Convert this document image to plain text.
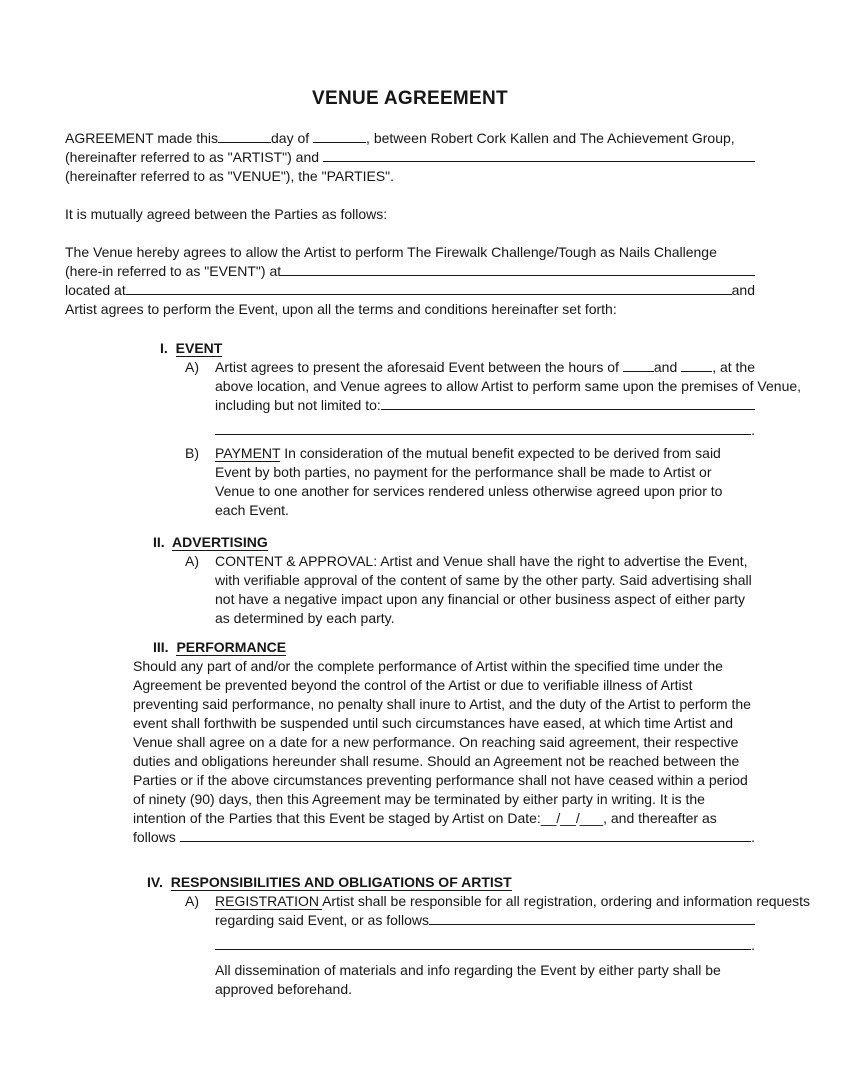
VENUE AGREEMENT
AGREEMENT made this	day of	, between Robert Cork Kallen and The Achievement Group,
(hereinafter referred to as "ARTIST") and
(hereinafter referred to as "VENUE"), the "PARTIES".
It is mutually agreed between the Parties as follows:
The Venue hereby agrees to allow the Artist to perform The Firewalk Challenge/Tough as Nails Challenge
(here-in referred to as "EVENT") at
located at	and
Artist agrees to perform the Event, upon all the terms and conditions hereinafter set forth:
I. EVENT
A)	Artist agrees to present the aforesaid Event between the hours of and , at the
above location, and Venue agrees to allow Artist to perform same upon the premises of Venue,
including but not limited to:
.
B)	PAYMENT In consideration of the mutual benefit expected to be derived from said Event by both parties, no payment for the performance shall be made to Artist or Venue to one another for services rendered unless otherwise agreed upon prior to each Event.
II. ADVERTISING
A)	CONTENT & APPROVAL: Artist and Venue shall have the right to advertise the Event, with verifiable approval of the content of same by the other party. Said advertising shall not have a negative impact upon any financial or other business aspect of either party as determined by each party.
III. PERFORMANCE
Should any part of and/or the complete performance of Artist within the specified time under the Agreement be prevented beyond the control of the Artist or due to verifiable illness of Artist preventing said performance, no penalty shall inure to Artist, and the duty of the Artist to perform the event shall forthwith be suspended until such circumstances have eased, at which time Artist and Venue shall agree on a date for a new performance. On reaching said agreement, their respective duties and obligations hereunder shall resume. Should an Agreement not be reached between the Parties or if the above circumstances preventing performance shall not have ceased within a period of ninety (90) days, then this Agreement may be terminated by either party in writing. It is the intention of the Parties that this Event be staged by Artist on Date:__/__/___, and thereafter as
follows	.
IV. RESPONSIBILITIES AND OBLIGATIONS OF ARTIST
A)	REGISTRATION Artist shall be responsible for all registration, ordering and information requests
regarding said Event, or as follows
.
All dissemination of materials and info regarding the Event by either party shall be approved beforehand.
